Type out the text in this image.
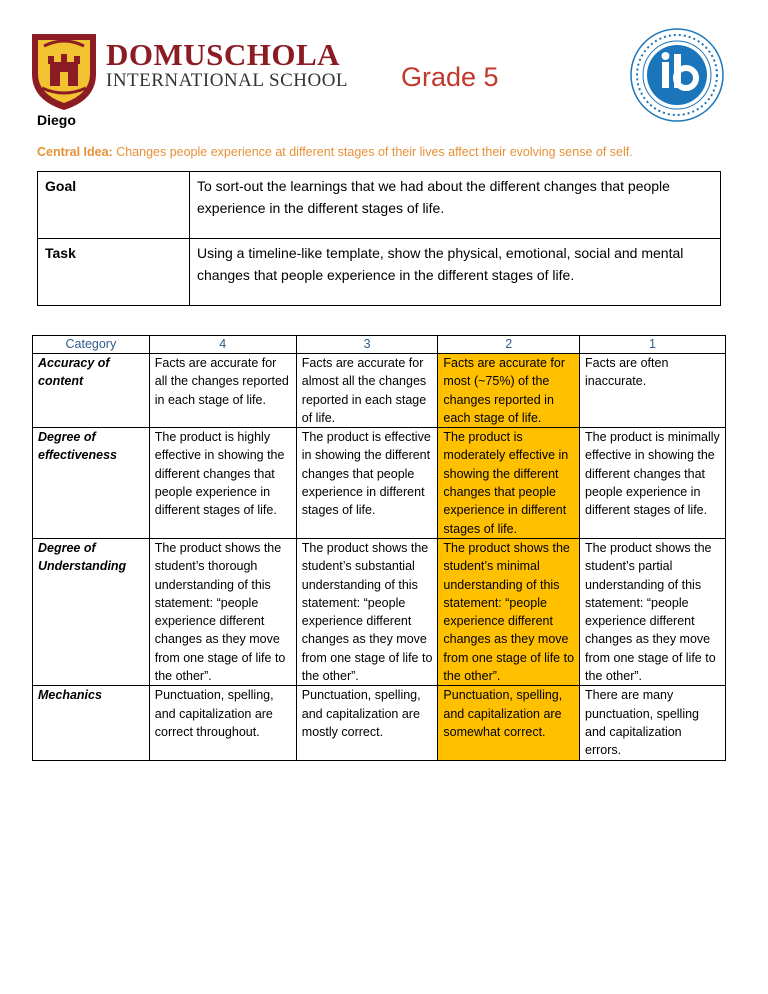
DOMUSCHOLA
INTERNATIONAL SCHOOL Grade 5
Diego
Central Idea: Changes people experience at different stages of their lives affect their evolving sense of self.
Goal	To sort-out the learnings that we had about the different changes that people experience in the different stages of life.
Task	Using a timeline-like template, show the physical, emotional, social and mental changes that people experience in the different stages of life.
Category	4	3	2	1
Accuracy of content	Facts are accurate for all the changes reported in each stage of life.	Facts are accurate for almost all the changes reported in each stage of life.	Facts are accurate for most (~75%) of the changes reported in each stage of life.	Facts are often inaccurate.
Degree of effectiveness	The product is highly effective in showing the different changes that people experience in different stages of life.	The product is effective in showing the different changes that people experience in different stages of life.	The product is moderately effective in showing the different changes that people experience in different stages of life.	The product is minimally effective in showing the different changes that people experience in different stages of life.
Degree of Understanding	The product shows the student’s thorough understanding of this statement: “people experience different changes as they move from one stage of life to the other”.	The product shows the student’s substantial understanding of this statement: “people experience different changes as they move from one stage of life to the other”.	The product shows the student’s minimal understanding of this statement: “people experience different changes as they move from one stage of life to the other”.	The product shows the student’s partial understanding of this statement: “people experience different changes as they move from one stage of life to the other”.
Mechanics	Punctuation, spelling, and capitalization are correct throughout.	Punctuation, spelling, and capitalization are mostly correct.	Punctuation, spelling, and capitalization are somewhat correct.	There are many punctuation, spelling and capitalization errors.
